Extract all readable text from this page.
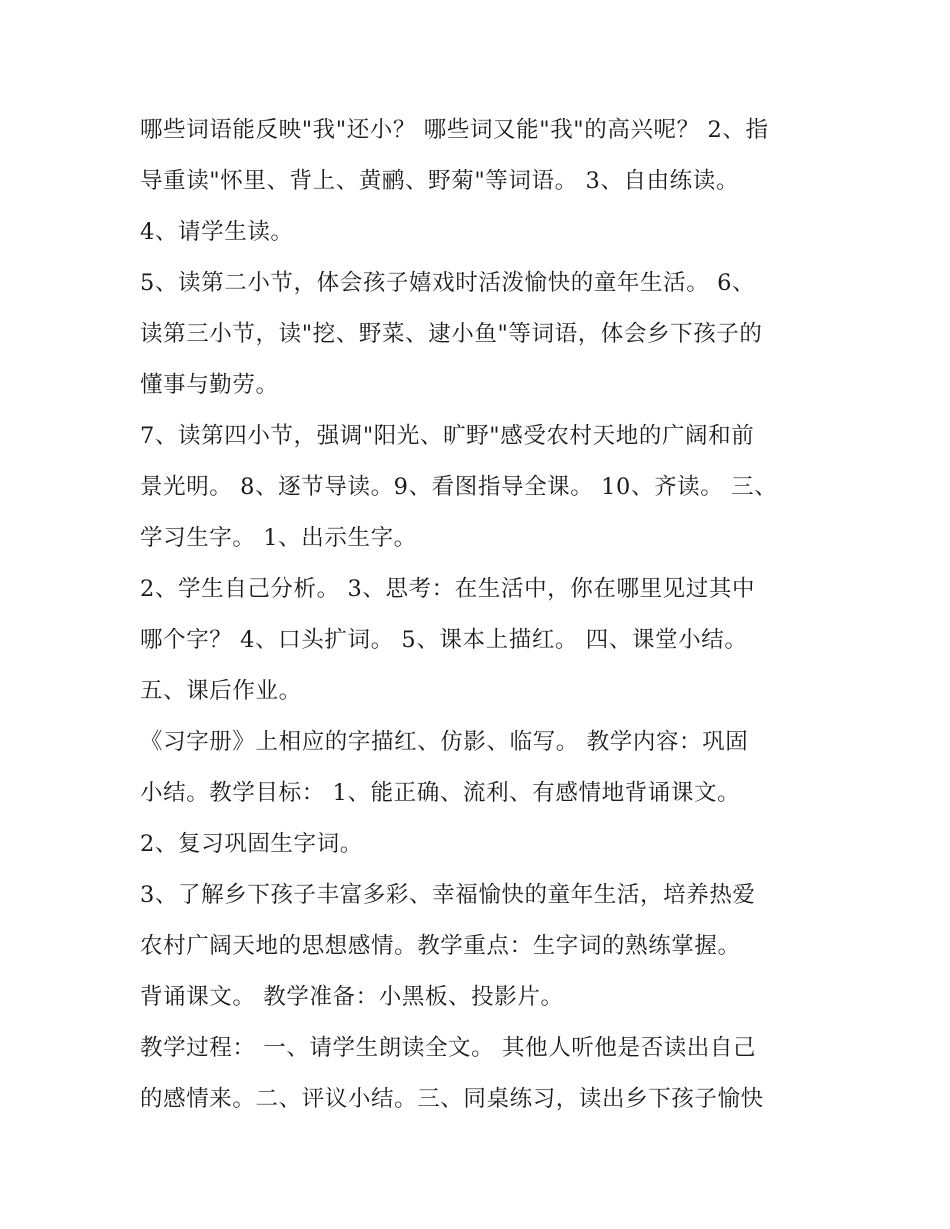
哪些词语能反映"我"还小？ 哪些词又能"我"的高兴呢？ 2、指
导重读"怀里、背上、黄鹂、野菊"等词语。 3、自由练读。
4、请学生读。
5、读第二小节，体会孩子嬉戏时活泼愉快的童年生活。 6、
读第三小节，读"挖、野菜、逮小鱼"等词语，体会乡下孩子的
懂事与勤劳。
7、读第四小节，强调"阳光、旷野"感受农村天地的广阔和前
景光明。 8、逐节导读。9、看图指导全课。 10、齐读。 三、
学习生字。 1、出示生字。
2、学生自己分析。 3、思考：在生活中，你在哪里见过其中
哪个字？ 4、口头扩词。 5、课本上描红。 四、课堂小结。
五、课后作业。
《习字册》上相应的字描红、仿影、临写。 教学内容：巩固
小结。教学目标： 1、能正确、流利、有感情地背诵课文。
2、复习巩固生字词。
3、了解乡下孩子丰富多彩、幸福愉快的童年生活，培养热爱
农村广阔天地的思想感情。教学重点：生字词的熟练掌握。
背诵课文。 教学准备：小黑板、投影片。
教学过程： 一、请学生朗读全文。 其他人听他是否读出自己
的感情来。二、评议小结。三、同桌练习，读出乡下孩子愉快
